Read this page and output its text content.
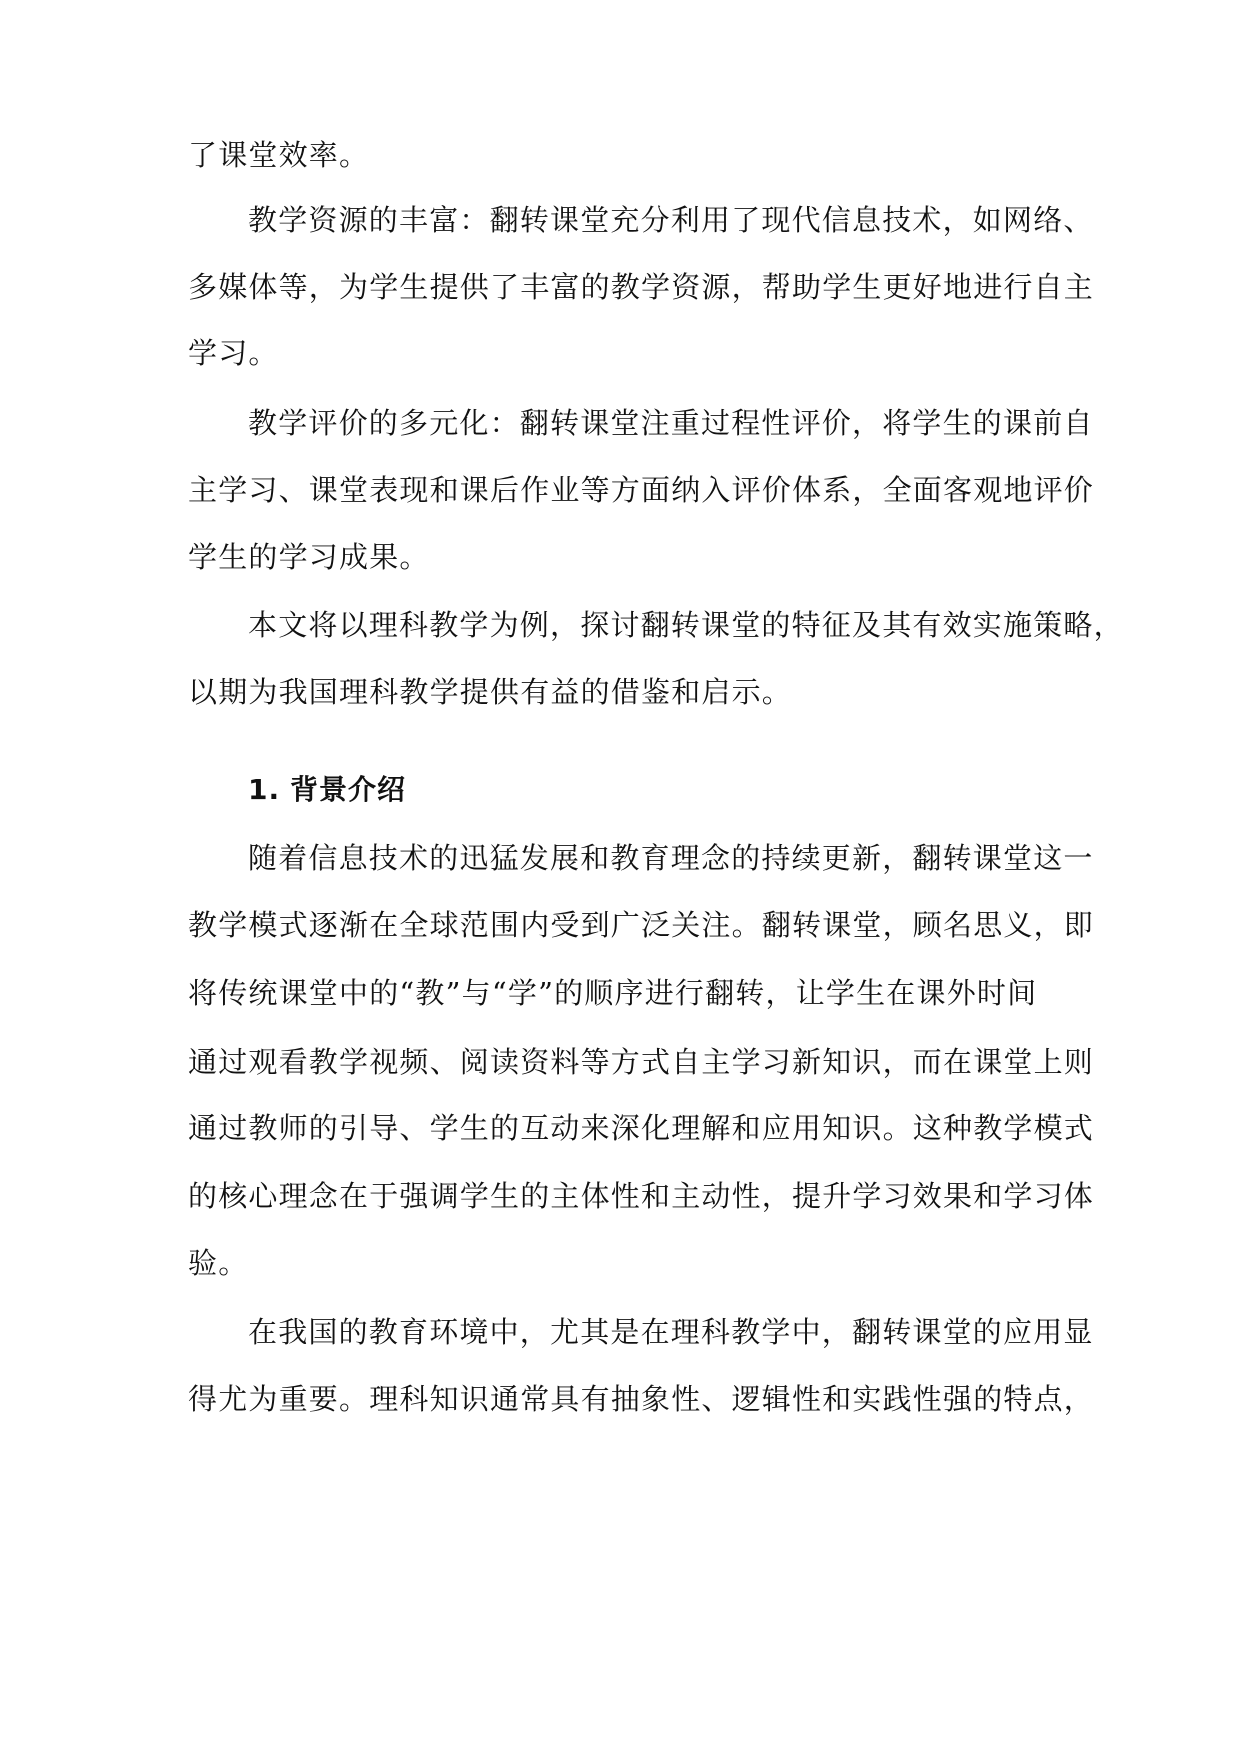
了课堂效率。

教学资源的丰富：翻转课堂充分利用了现代信息技术，如网络、

多媒体等，为学生提供了丰富的教学资源，帮助学生更好地进行自主

学习。

教学评价的多元化：翻转课堂注重过程性评价，将学生的课前自

主学习、课堂表现和课后作业等方面纳入评价体系，全面客观地评价

学生的学习成果。

本文将以理科教学为例，探讨翻转课堂的特征及其有效实施策略，

以期为我国理科教学提供有益的借鉴和启示。

1. 背景介绍

随着信息技术的迅猛发展和教育理念的持续更新，翻转课堂这一

教学模式逐渐在全球范围内受到广泛关注。翻转课堂，顾名思义，即

将传统课堂中的“教”与“学”的顺序进行翻转，让学生在课外时间

通过观看教学视频、阅读资料等方式自主学习新知识，而在课堂上则

通过教师的引导、学生的互动来深化理解和应用知识。这种教学模式

的核心理念在于强调学生的主体性和主动性，提升学习效果和学习体

验。

在我国的教育环境中，尤其是在理科教学中，翻转课堂的应用显

得尤为重要。理科知识通常具有抽象性、逻辑性和实践性强的特点，
